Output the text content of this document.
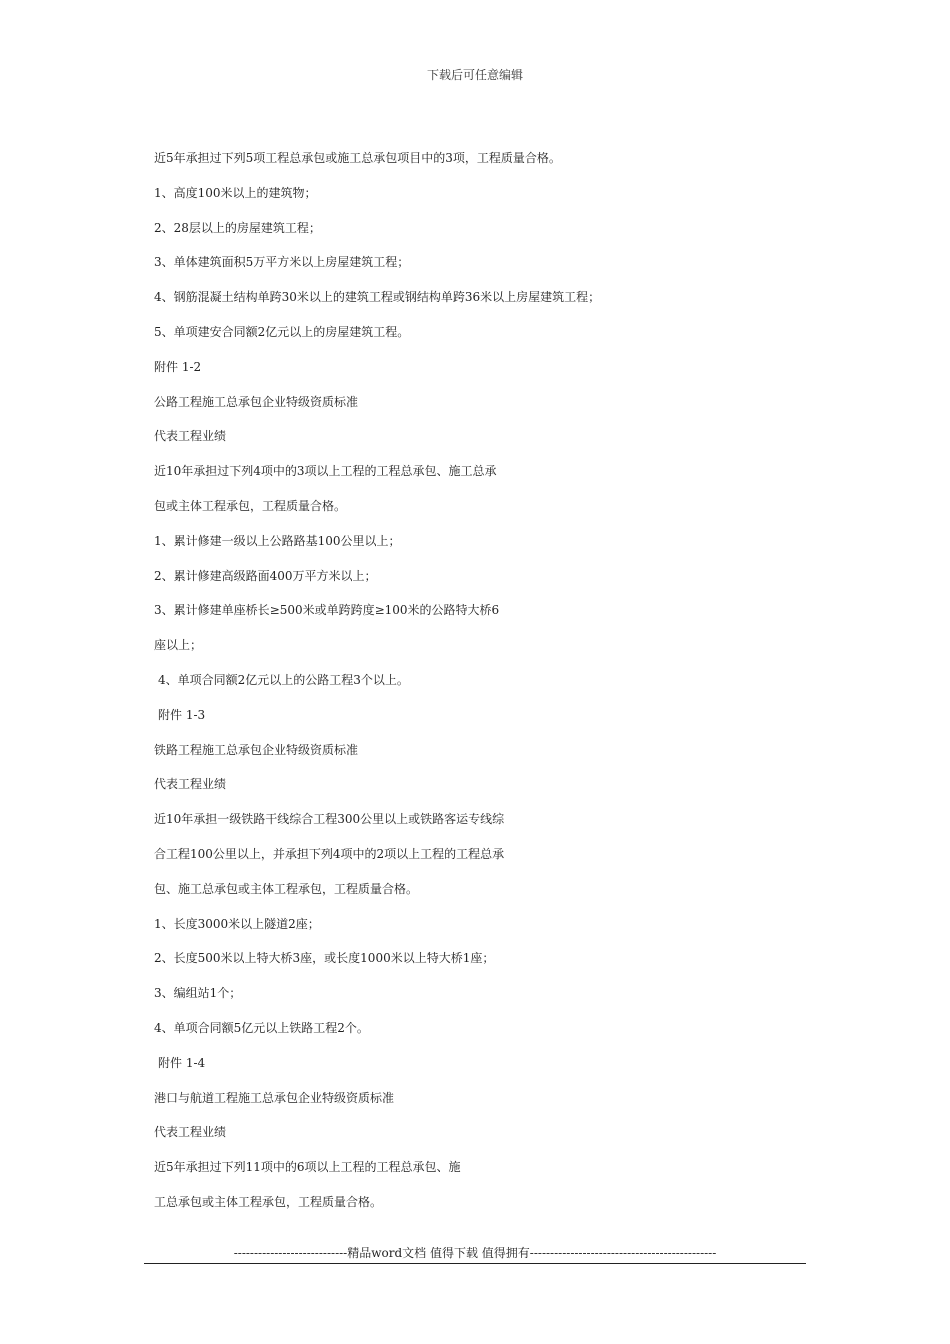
下载后可任意编辑
近5年承担过下列5项工程总承包或施工总承包项目中的3项，工程质量合格。
1、高度100米以上的建筑物；
2、28层以上的房屋建筑工程；
3、单体建筑面积5万平方米以上房屋建筑工程；
4、钢筋混凝土结构单跨30米以上的建筑工程或钢结构单跨36米以上房屋建筑工程；
5、单项建安合同额2亿元以上的房屋建筑工程。
附件 1-2
公路工程施工总承包企业特级资质标准
代表工程业绩
近10年承担过下列4项中的3项以上工程的工程总承包、施工总承
包或主体工程承包，工程质量合格。
1、累计修建一级以上公路路基100公里以上；
2、累计修建高级路面400万平方米以上；
3、累计修建单座桥长≥500米或单跨跨度≥100米的公路特大桥6
座以上；
4、单项合同额2亿元以上的公路工程3个以上。
附件 1-3
铁路工程施工总承包企业特级资质标准
代表工程业绩
近10年承担一级铁路干线综合工程300公里以上或铁路客运专线综
合工程100公里以上，并承担下列4项中的2项以上工程的工程总承
包、施工总承包或主体工程承包，工程质量合格。
1、长度3000米以上隧道2座；
2、长度500米以上特大桥3座，或长度1000米以上特大桥1座；
3、编组站1个；
4、单项合同额5亿元以上铁路工程2个。
附件 1-4
港口与航道工程施工总承包企业特级资质标准
代表工程业绩
近5年承担过下列11项中的6项以上工程的工程总承包、施
工总承包或主体工程承包，工程质量合格。
----------------------------精品word文档 值得下载 值得拥有----------------------------------------------
